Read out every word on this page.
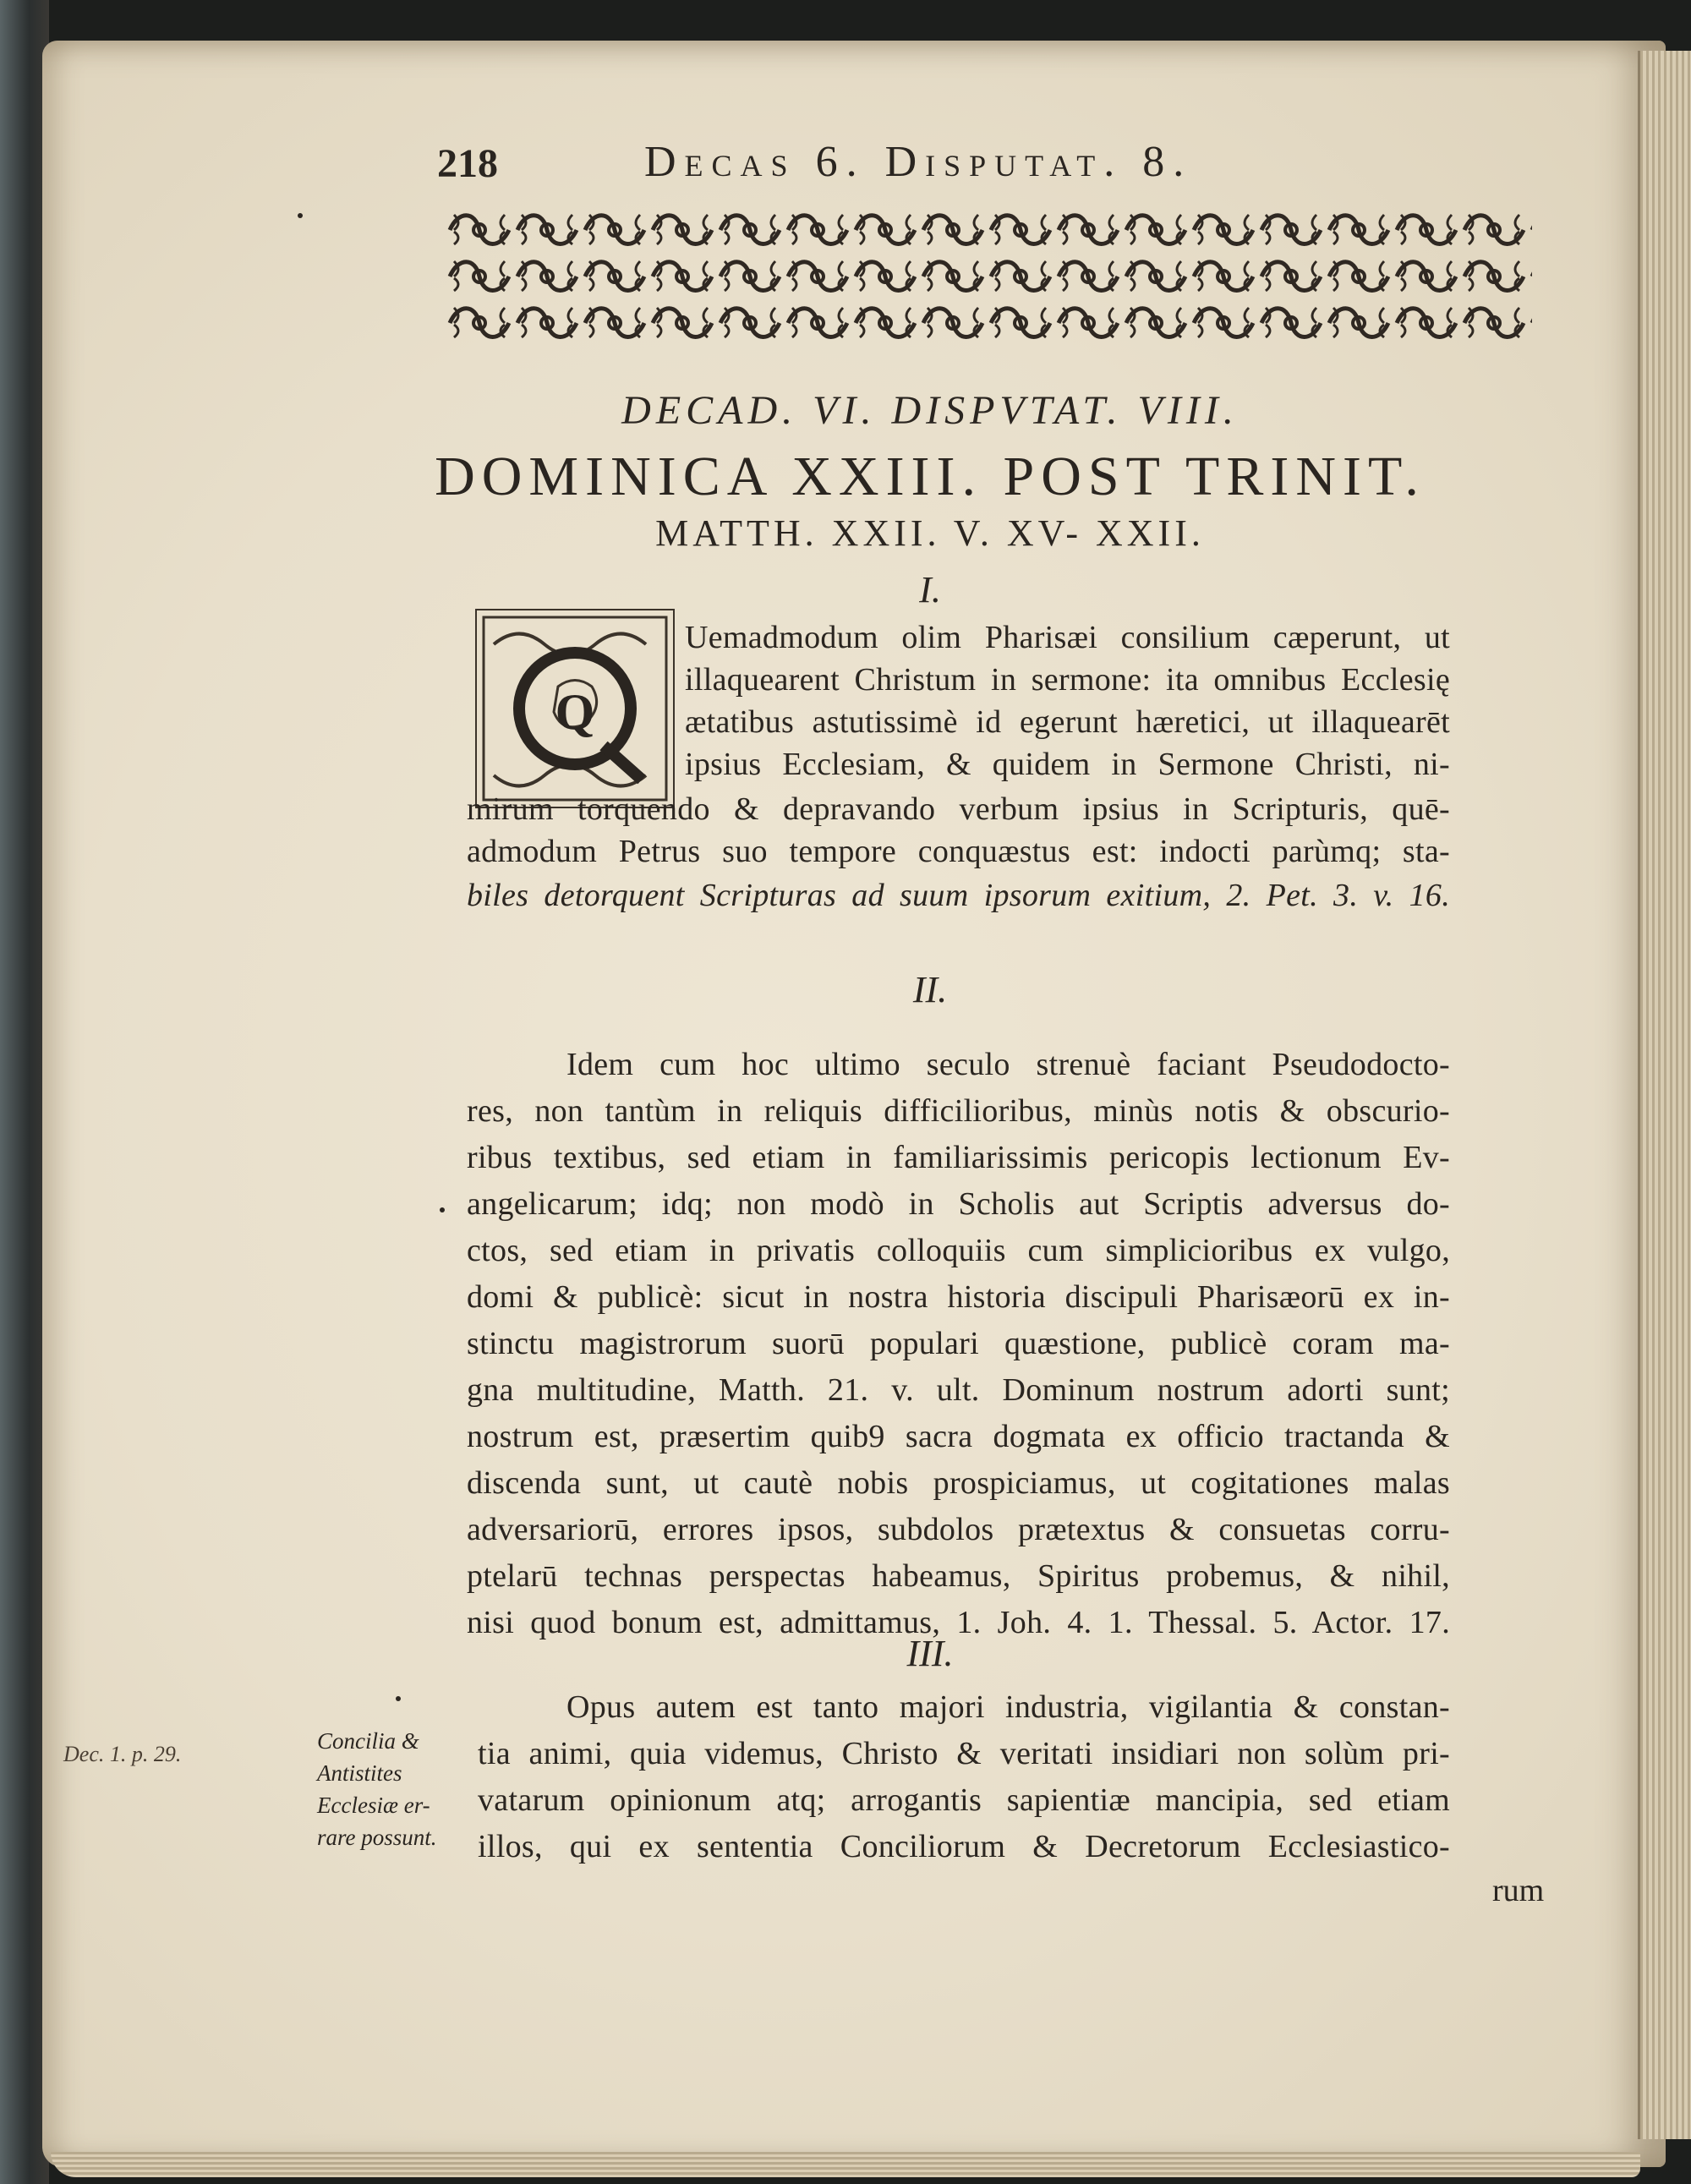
218	Decas 6. Disputat. 8.
DECAD. VI. DISPVTAT. VIII.
DOMINICA XXIII. POST TRINIT.
MATTH. XXII. V. XV- XXII.
I.
Q
Uemadmodum olim Pharisæi consilium cæperunt, ut
illaquearent Christum in sermone: ita omnibus Ecclesię
ætatibus astutissimè id egerunt hæretici, ut illaquearēt
ipsius Ecclesiam, & quidem in Sermone Christi, ni-
mirum torquendo & depravando verbum ipsius in Scripturis, quē-
admodum Petrus suo tempore conquæstus est: indocti parùmq; sta-
biles detorquent Scripturas ad suum ipsorum exitium, 2. Pet. 3. v. 16.
II.
Idem cum hoc ultimo seculo strenuè faciant Pseudodocto-
res, non tantùm in reliquis difficilioribus, minùs notis & obscurio-
ribus textibus, sed etiam in familiarissimis pericopis lectionum Ev-
angelicarum; idq; non modò in Scholis aut Scriptis adversus do-
ctos, sed etiam in privatis colloquiis cum simplicioribus ex vulgo,
domi & publicè: sicut in nostra historia discipuli Pharisæorū ex in-
stinctu magistrorum suorū populari quæstione, publicè coram ma-
gna multitudine, Matth. 21. v. ult. Dominum nostrum adorti sunt;
nostrum est, præsertim quib9 sacra dogmata ex officio tractanda &
discenda sunt, ut cautè nobis prospiciamus, ut cogitationes malas
adversariorū, errores ipsos, subdolos prætextus & consuetas corru-
ptelarū technas perspectas habeamus, Spiritus probemus, & nihil,
nisi quod bonum est, admittamus, 1. Joh. 4. 1. Thessal. 5. Actor. 17.
III.
Opus autem est tanto majori industria, vigilantia & constan-
tia animi, quia videmus, Christo & veritati insidiari non solùm pri-
vatarum opinionum atq; arrogantis sapientiæ mancipia, sed etiam
illos, qui ex sententia Conciliorum & Decretorum Ecclesiastico-
rum
Concilia &
Antistites
Ecclesiæ er-
rare possunt.
Dec. 1. p. 29.
